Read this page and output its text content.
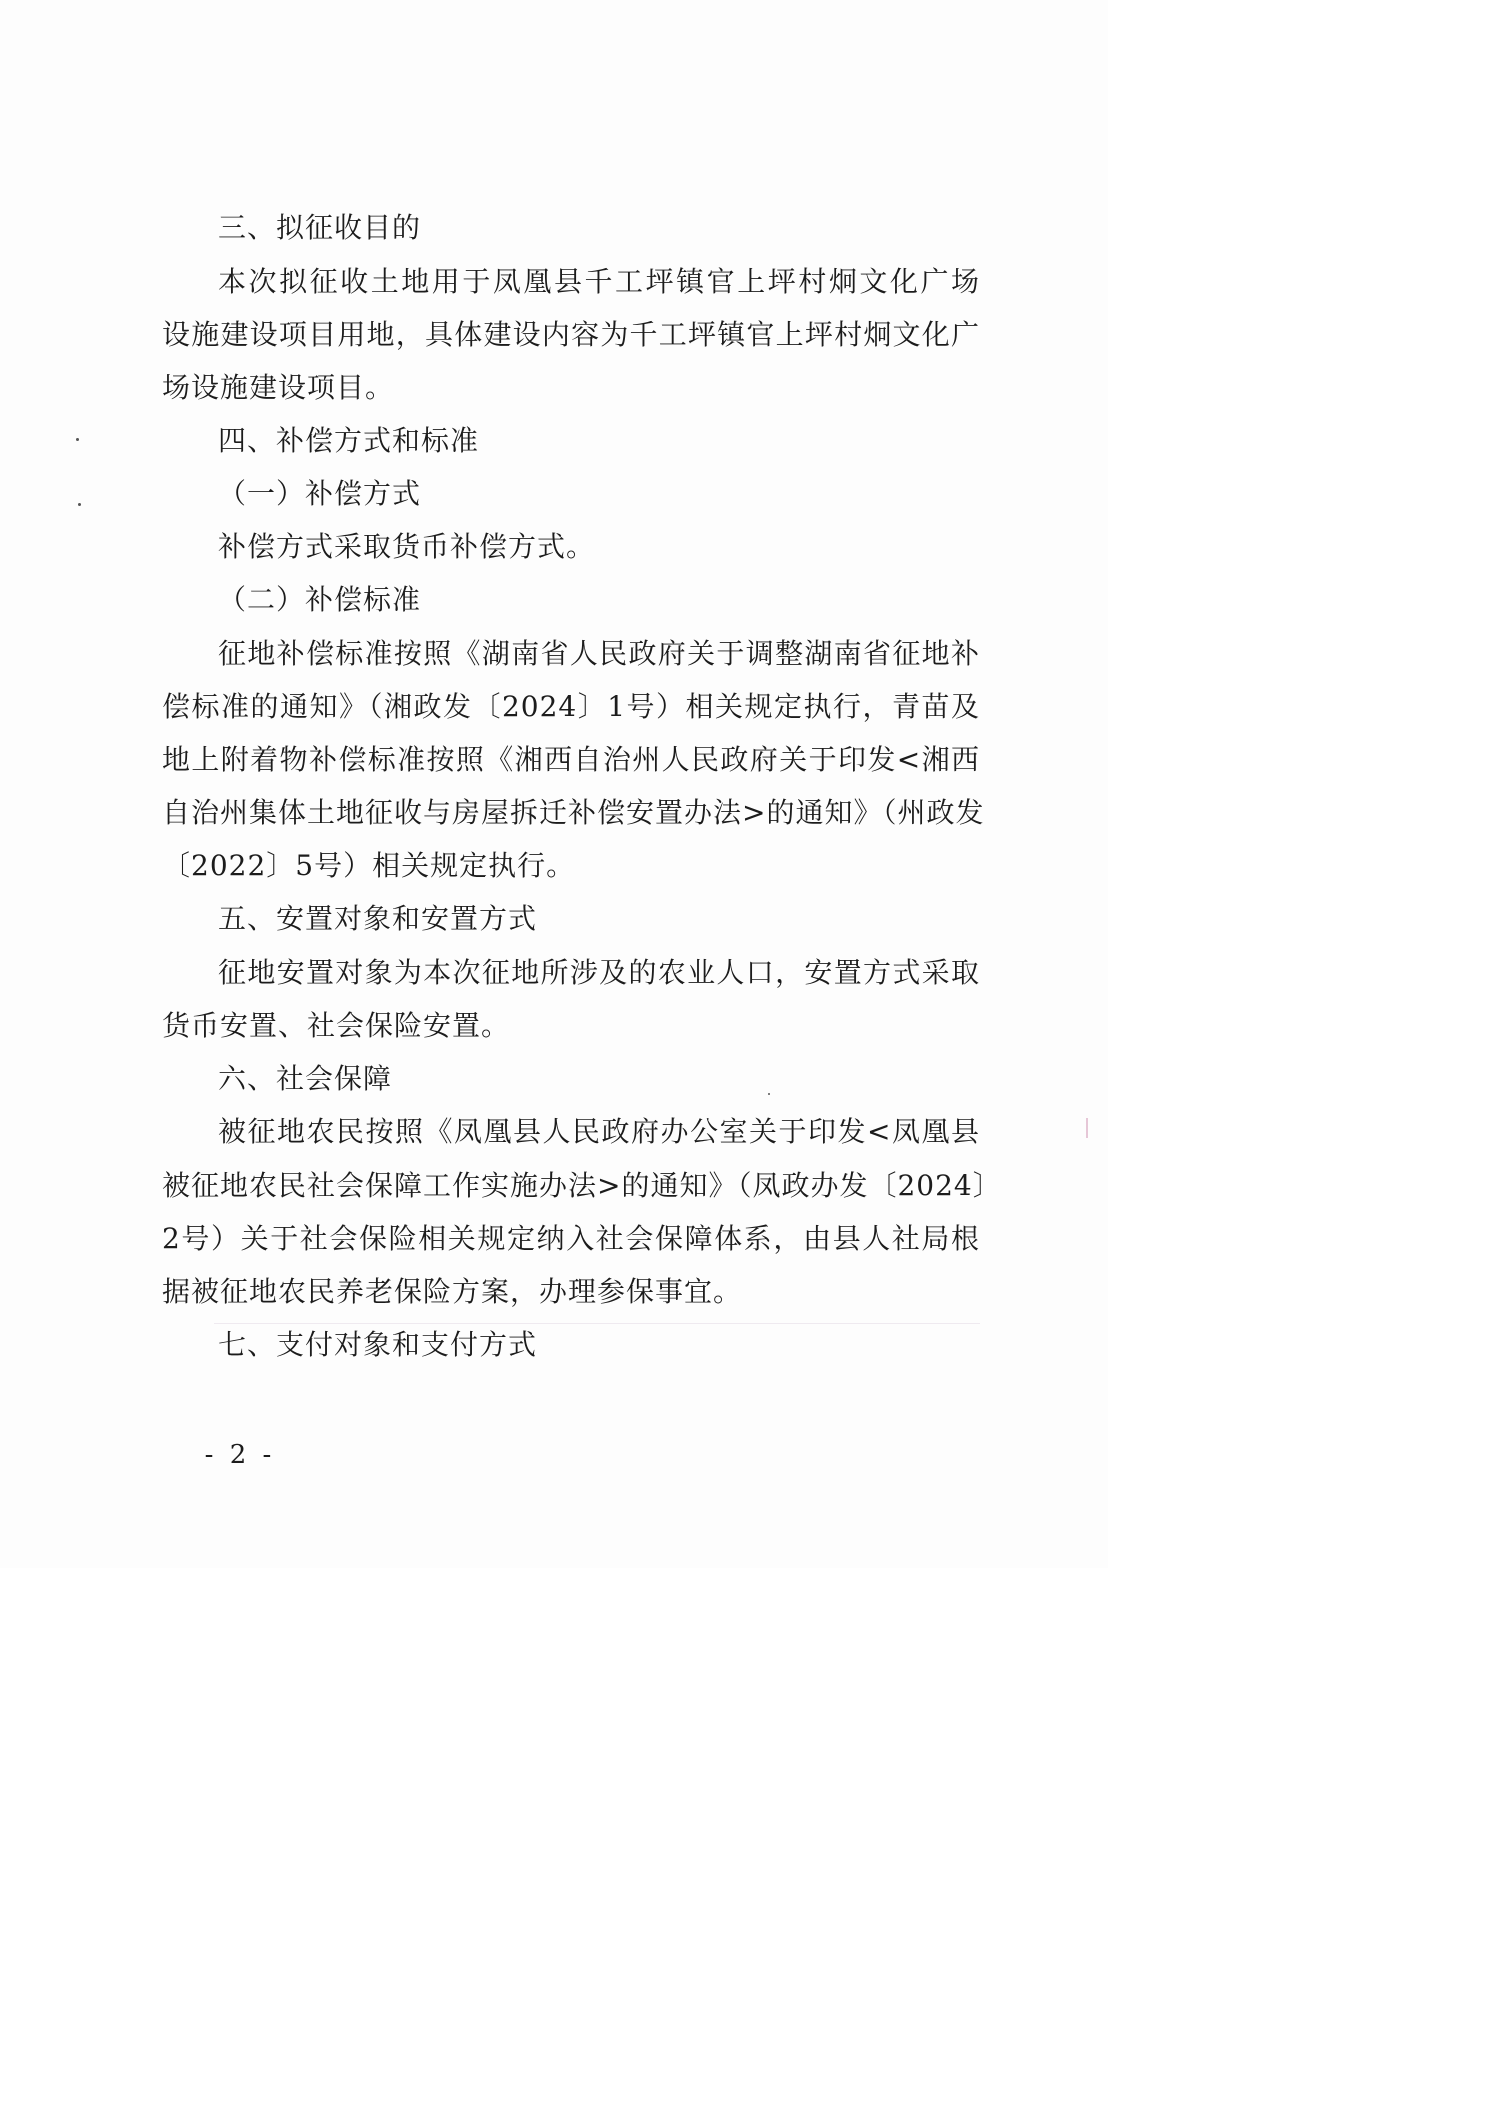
三、拟征收目的
本次拟征收土地用于凤凰县千工坪镇官上坪村炯文化广场
设施建设项目用地，具体建设内容为千工坪镇官上坪村炯文化广
场设施建设项目。
四、补偿方式和标准
（一）补偿方式
补偿方式采取货币补偿方式。
（二）补偿标准
征地补偿标准按照《湖南省人民政府关于调整湖南省征地补
偿标准的通知》（湘政发〔2024〕1号）相关规定执行，青苗及
地上附着物补偿标准按照《湘西自治州人民政府关于印发<湘西
自治州集体土地征收与房屋拆迁补偿安置办法>的通知》（州政发
〔2022〕5号）相关规定执行。
五、安置对象和安置方式
征地安置对象为本次征地所涉及的农业人口，安置方式采取
货币安置、社会保险安置。
六、社会保障
被征地农民按照《凤凰县人民政府办公室关于印发<凤凰县
被征地农民社会保障工作实施办法>的通知》（凤政办发〔2024〕
2号）关于社会保险相关规定纳入社会保障体系，由县人社局根
据被征地农民养老保险方案，办理参保事宜。
七、支付对象和支付方式
- 2 -
